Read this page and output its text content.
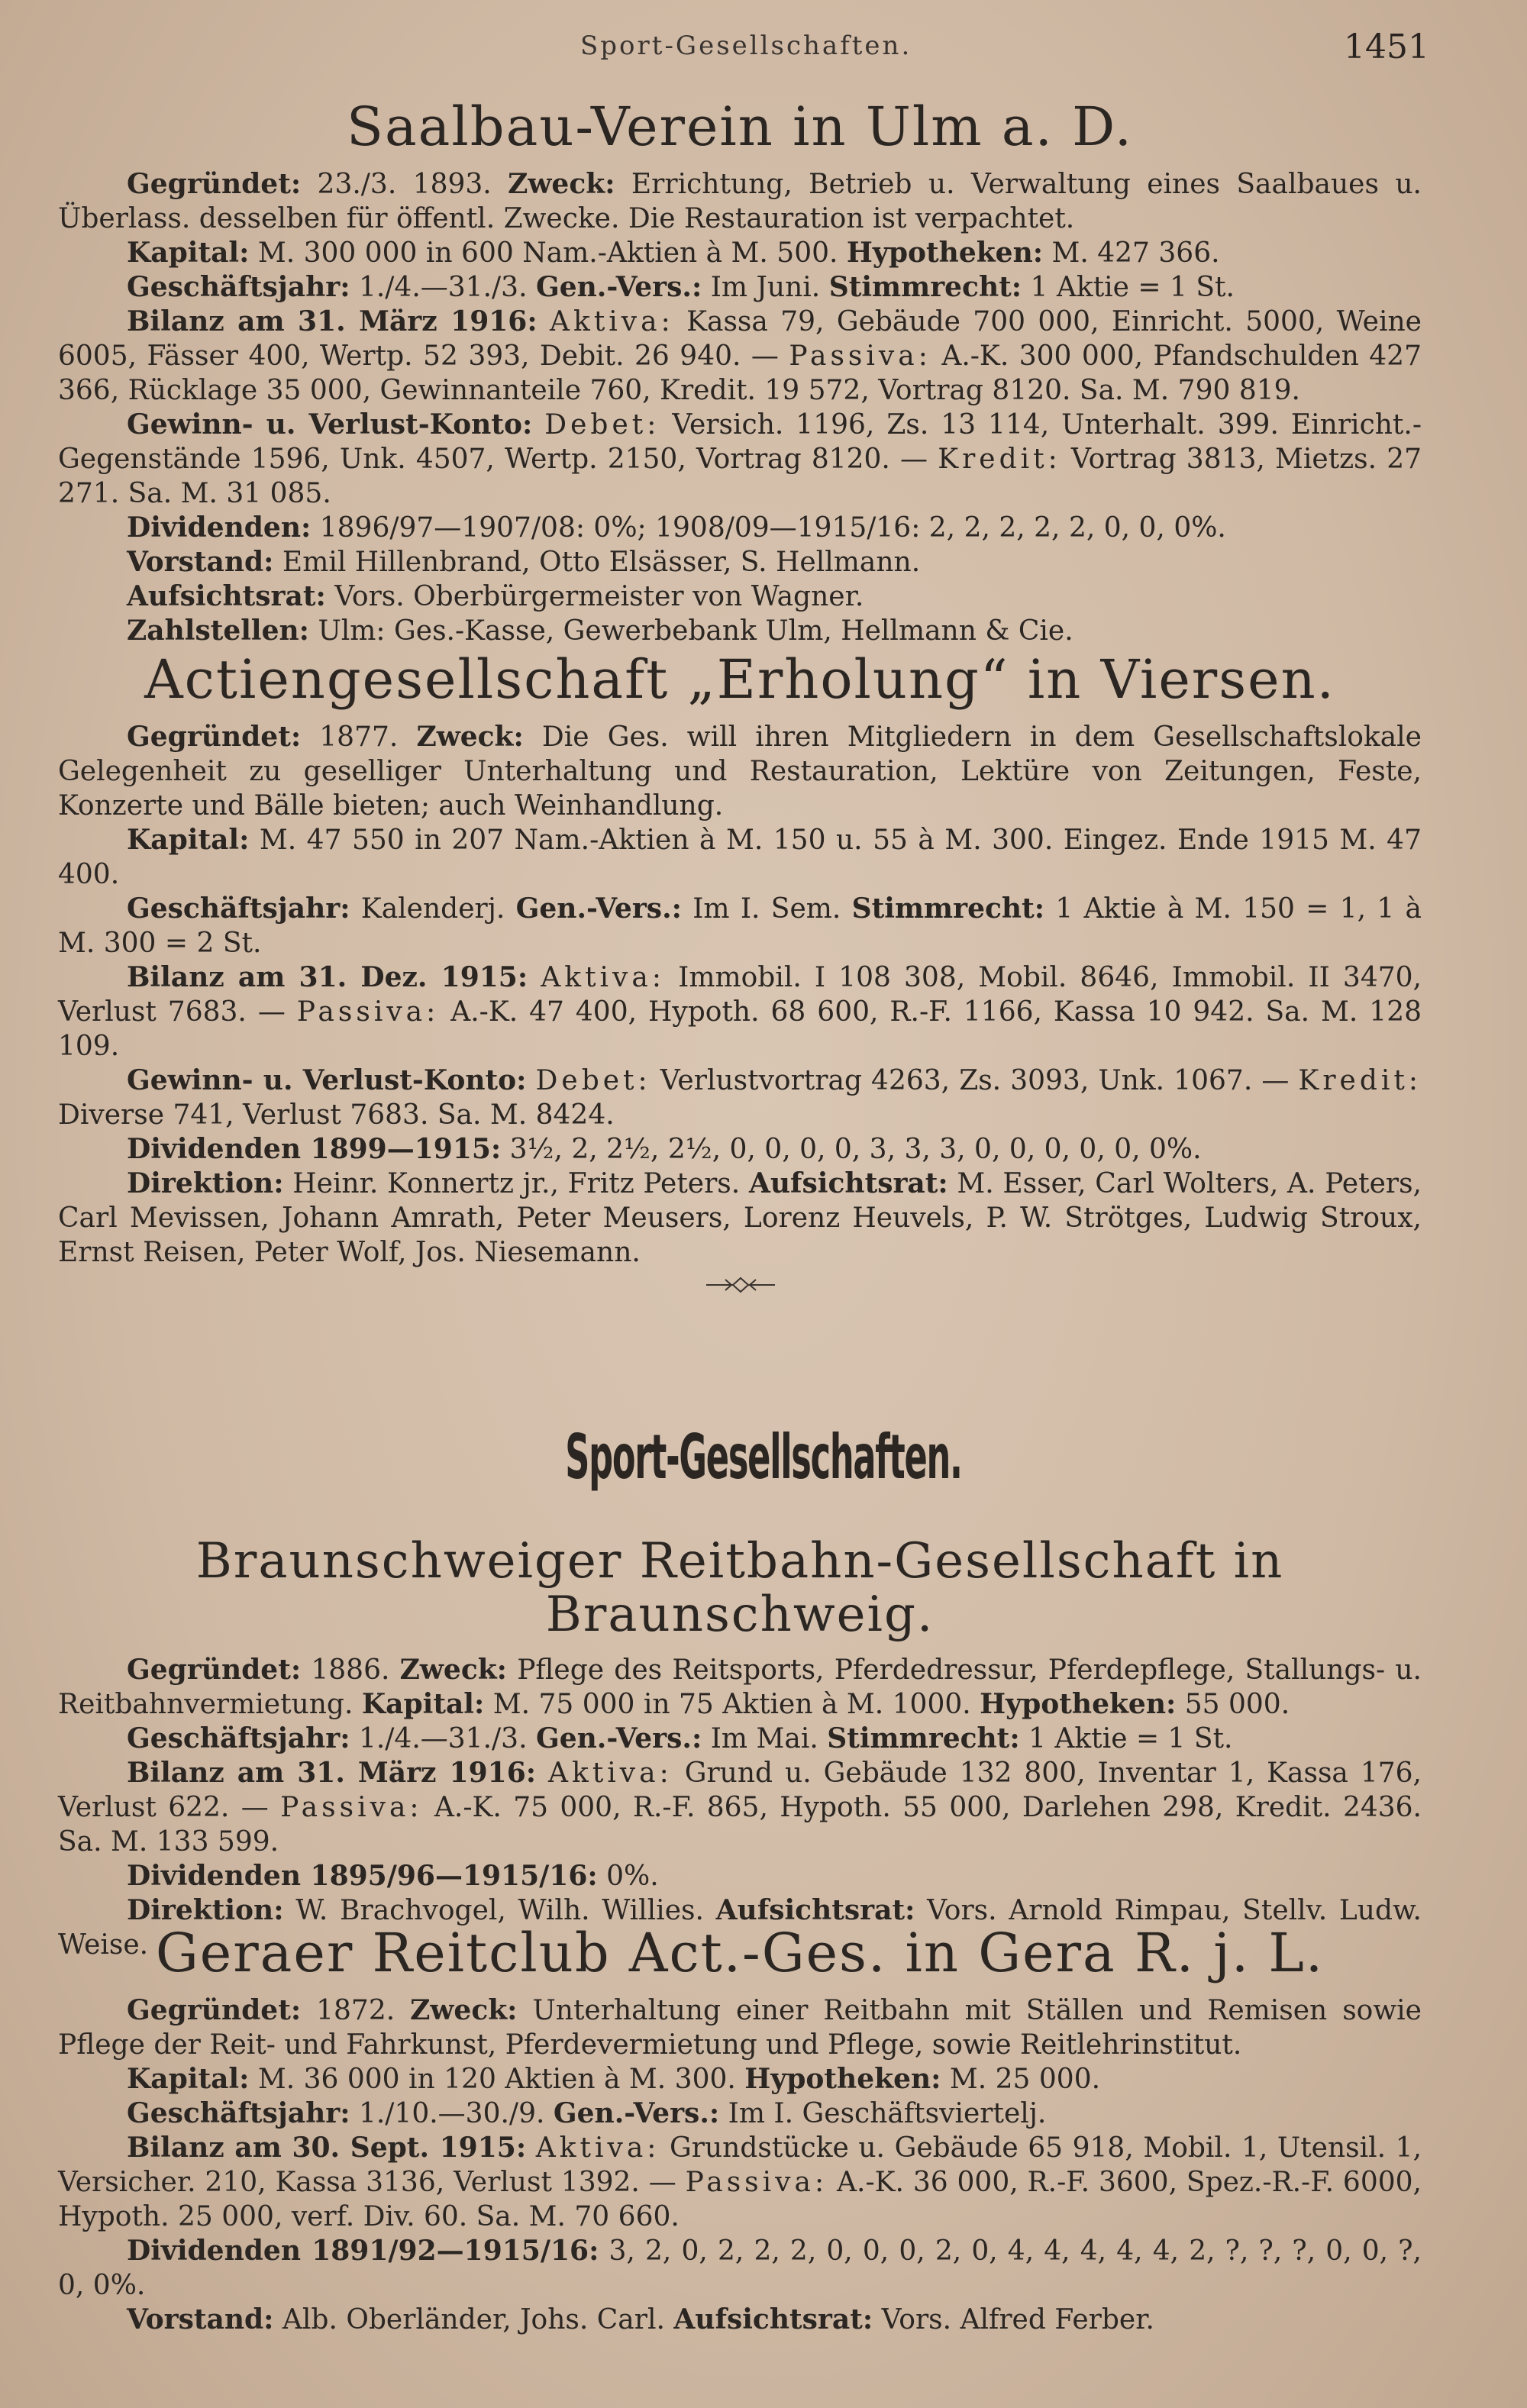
Sport-Gesellschaften.	1451
Saalbau-Verein in Ulm a. D.

Gegründet: 23./3. 1893. Zweck: Errichtung, Betrieb u. Verwaltung eines Saalbaues u. Überlass. desselben für öffentl. Zwecke. Die Restauration ist verpachtet.

Kapital: M. 300 000 in 600 Nam.-Aktien à M. 500. Hypotheken: M. 427 366.

Geschäftsjahr: 1./4.—31./3. Gen.-Vers.: Im Juni. Stimmrecht: 1 Aktie = 1 St.

Bilanz am 31. März 1916: Aktiva: Kassa 79, Gebäude 700 000, Einricht. 5000, Weine 6005, Fässer 400, Wertp. 52 393, Debit. 26 940. — Passiva: A.-K. 300 000, Pfandschulden 427 366, Rücklage 35 000, Gewinnanteile 760, Kredit. 19 572, Vortrag 8120. Sa. M. 790 819.

Gewinn- u. Verlust-Konto: Debet: Versich. 1196, Zs. 13 114, Unterhalt. 399. Einricht.-Gegenstände 1596, Unk. 4507, Wertp. 2150, Vortrag 8120. — Kredit: Vortrag 3813, Mietzs. 27 271. Sa. M. 31 085.

Dividenden: 1896/97—1907/08: 0%; 1908/09—1915/16: 2, 2, 2, 2, 2, 0, 0, 0%.

Vorstand: Emil Hillenbrand, Otto Elsässer, S. Hellmann.

Aufsichtsrat: Vors. Oberbürgermeister von Wagner.

Zahlstellen: Ulm: Ges.-Kasse, Gewerbebank Ulm, Hellmann & Cie.

Actiengesellschaft „Erholung“ in Viersen.

Gegründet: 1877. Zweck: Die Ges. will ihren Mitgliedern in dem Gesellschaftslokale Gelegenheit zu geselliger Unterhaltung und Restauration, Lektüre von Zeitungen, Feste, Konzerte und Bälle bieten; auch Weinhandlung.

Kapital: M. 47 550 in 207 Nam.-Aktien à M. 150 u. 55 à M. 300. Eingez. Ende 1915 M. 47 400.

Geschäftsjahr: Kalenderj. Gen.-Vers.: Im I. Sem. Stimmrecht: 1 Aktie à M. 150 = 1, 1 à M. 300 = 2 St.

Bilanz am 31. Dez. 1915: Aktiva: Immobil. I 108 308, Mobil. 8646, Immobil. II 3470, Verlust 7683. — Passiva: A.-K. 47 400, Hypoth. 68 600, R.-F. 1166, Kassa 10 942. Sa. M. 128 109.

Gewinn- u. Verlust-Konto: Debet: Verlustvortrag 4263, Zs. 3093, Unk. 1067. — Kredit: Diverse 741, Verlust 7683. Sa. M. 8424.

Dividenden 1899—1915: 3½, 2, 2½, 2½, 0, 0, 0, 0, 3, 3, 3, 0, 0, 0, 0, 0, 0%.

Direktion: Heinr. Konnertz jr., Fritz Peters. Aufsichtsrat: M. Esser, Carl Wolters, A. Peters, Carl Mevissen, Johann Amrath, Peter Meusers, Lorenz Heuvels, P. W. Strötges, Ludwig Stroux, Ernst Reisen, Peter Wolf, Jos. Niesemann.

Sport-Gesellschaften.
Braunschweiger Reitbahn-Gesellschaft in Braunschweig.

Gegründet: 1886. Zweck: Pflege des Reitsports, Pferdedressur, Pferdepflege, Stallungs- u. Reitbahnvermietung. Kapital: M. 75 000 in 75 Aktien à M. 1000. Hypotheken: 55 000.

Geschäftsjahr: 1./4.—31./3. Gen.-Vers.: Im Mai. Stimmrecht: 1 Aktie = 1 St.

Bilanz am 31. März 1916: Aktiva: Grund u. Gebäude 132 800, Inventar 1, Kassa 176, Verlust 622. — Passiva: A.-K. 75 000, R.-F. 865, Hypoth. 55 000, Darlehen 298, Kredit. 2436. Sa. M. 133 599.

Dividenden 1895/96—1915/16: 0%.

Direktion: W. Brachvogel, Wilh. Willies. Aufsichtsrat: Vors. Arnold Rimpau, Stellv. Ludw. Weise. Geraer Reitclub Act.-Ges. in Gera R. j. L.

Gegründet: 1872. Zweck: Unterhaltung einer Reitbahn mit Ställen und Remisen sowie Pflege der Reit- und Fahrkunst, Pferdevermietung und Pflege, sowie Reitlehrinstitut.

Kapital: M. 36 000 in 120 Aktien à M. 300. Hypotheken: M. 25 000.

Geschäftsjahr: 1./10.—30./9. Gen.-Vers.: Im I. Geschäftsviertelj.

Bilanz am 30. Sept. 1915: Aktiva: Grundstücke u. Gebäude 65 918, Mobil. 1, Utensil. 1, Versicher. 210, Kassa 3136, Verlust 1392. — Passiva: A.-K. 36 000, R.-F. 3600, Spez.-R.-F. 6000, Hypoth. 25 000, verf. Div. 60. Sa. M. 70 660.

Dividenden 1891/92—1915/16: 3, 2, 0, 2, 2, 2, 0, 0, 0, 2, 0, 4, 4, 4, 4, 4, 2, ?, ?, ?, 0, 0, ?, 0, 0%.

Vorstand: Alb. Oberländer, Johs. Carl. Aufsichtsrat: Vors. Alfred Ferber.
